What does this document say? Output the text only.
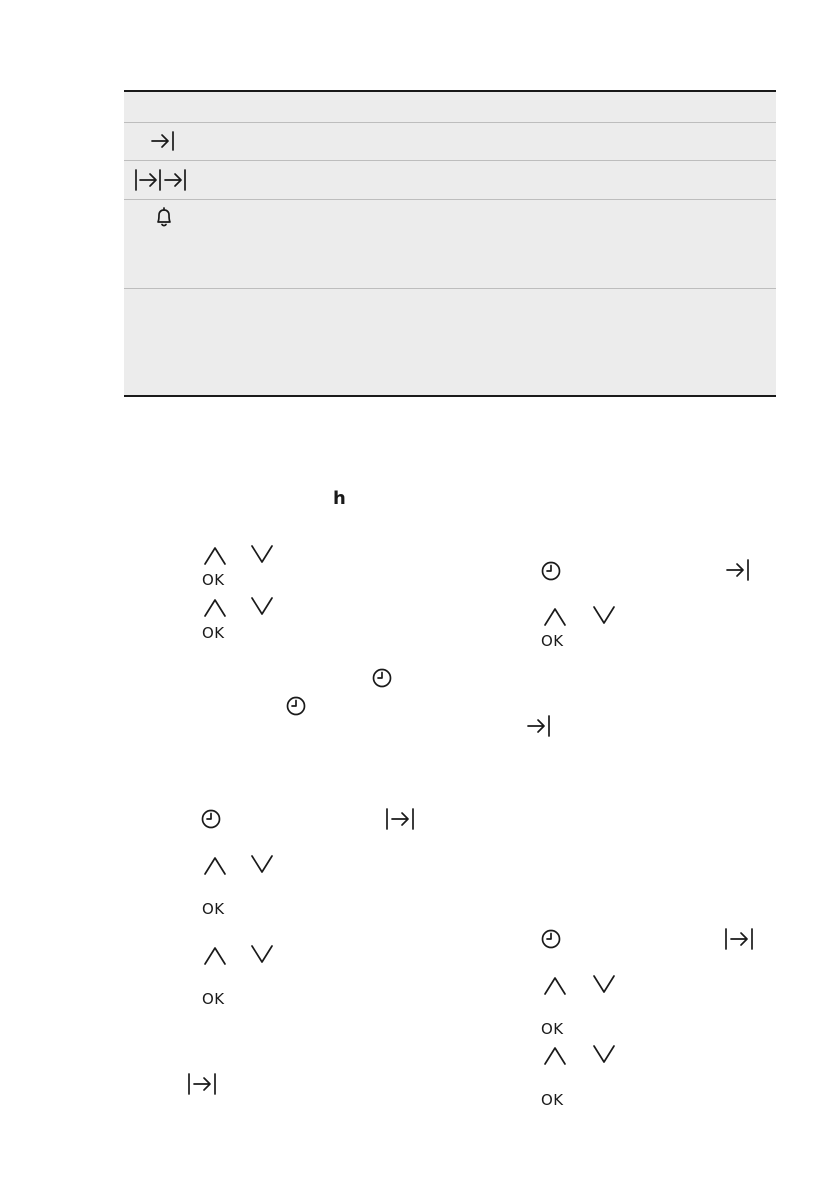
h
OK
OK
OK
OK
OK
OK
OK
